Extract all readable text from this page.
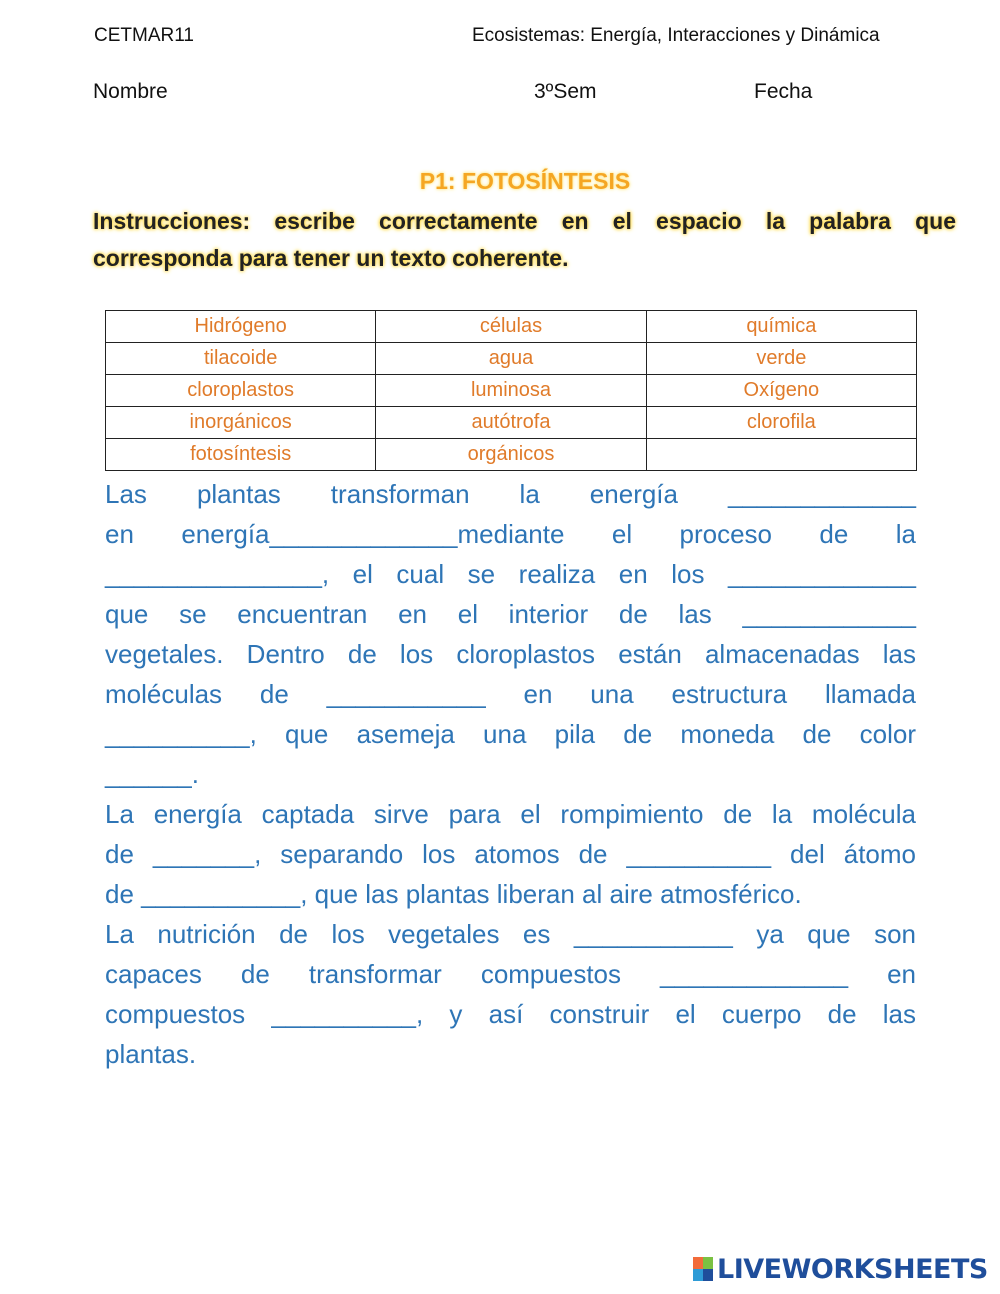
CETMAR11	Ecosistemas: Energía, Interacciones y Dinámica
Nombre	3ºSem	Fecha
P1: FOTOSÍNTESIS
Instrucciones: escribe correctamente en el espacio la palabra que
corresponda para tener un texto coherente.
Hidrógeno	células	química
tilacoide	agua	verde
cloroplastos	luminosa	Oxígeno
inorgánicos	autótrofa	clorofila
fotosíntesis	orgánicos	
Las plantas transforman la energía _____________
en energía_____________mediante el proceso de la
_______________, el cual se realiza en los _____________
que se encuentran en el interior de las ____________
vegetales. Dentro de los cloroplastos están almacenadas las
moléculas de ___________ en una estructura llamada
__________, que asemeja una pila de moneda de color
______.
La energía captada sirve para el rompimiento de la molécula
de _______, separando los atomos de __________ del átomo
de ___________, que las plantas liberan al aire atmosférico.
La nutrición de los vegetales es ___________ ya que son
capaces de transformar compuestos _____________ en
compuestos __________, y así construir el cuerpo de las
plantas.
LIVEWORKSHEETS
